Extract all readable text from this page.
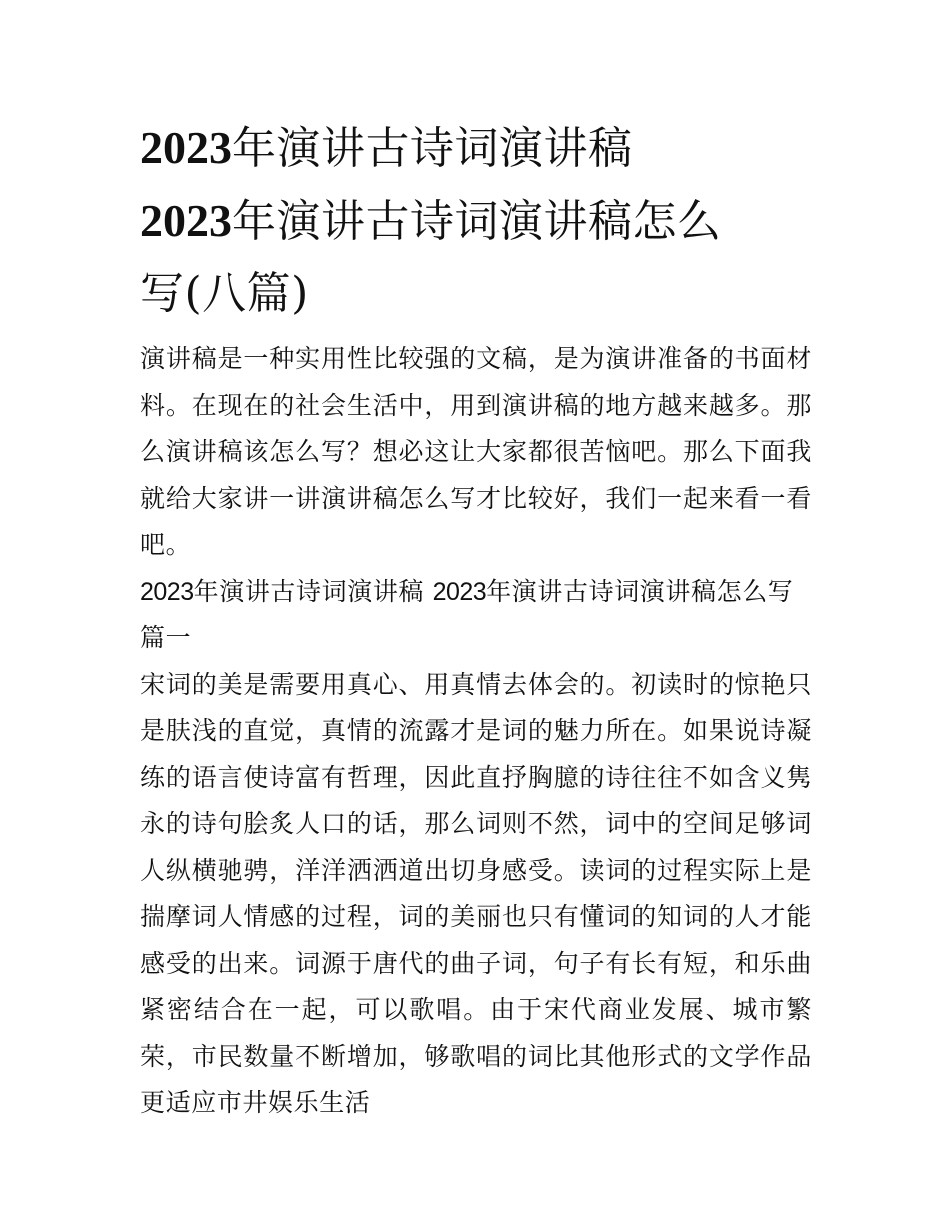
2023年演讲古诗词演讲稿
2023年演讲古诗词演讲稿怎么
写(八篇)

演讲稿是一种实用性比较强的文稿，是为演讲准备的书面材料。在现在的社会生活中，用到演讲稿的地方越来越多。那么演讲稿该怎么写？想必这让大家都很苦恼吧。那么下面我就给大家讲一讲演讲稿怎么写才比较好，我们一起来看一看吧。

2023年演讲古诗词演讲稿 2023年演讲古诗词演讲稿怎么写篇一

宋词的美是需要用真心、用真情去体会的。初读时的惊艳只是肤浅的直觉，真情的流露才是词的魅力所在。如果说诗凝练的语言使诗富有哲理，因此直抒胸臆的诗往往不如含义隽永的诗句脍炙人口的话，那么词则不然，词中的空间足够词人纵横驰骋，洋洋洒洒道出切身感受。读词的过程实际上是揣摩词人情感的过程，词的美丽也只有懂词的知词的人才能感受的出来。词源于唐代的曲子词，句子有长有短，和乐曲紧密结合在一起，可以歌唱。由于宋代商业发展、城市繁荣，市民数量不断增加，够歌唱的词比其他形式的文学作品更适应市井娱乐生活
